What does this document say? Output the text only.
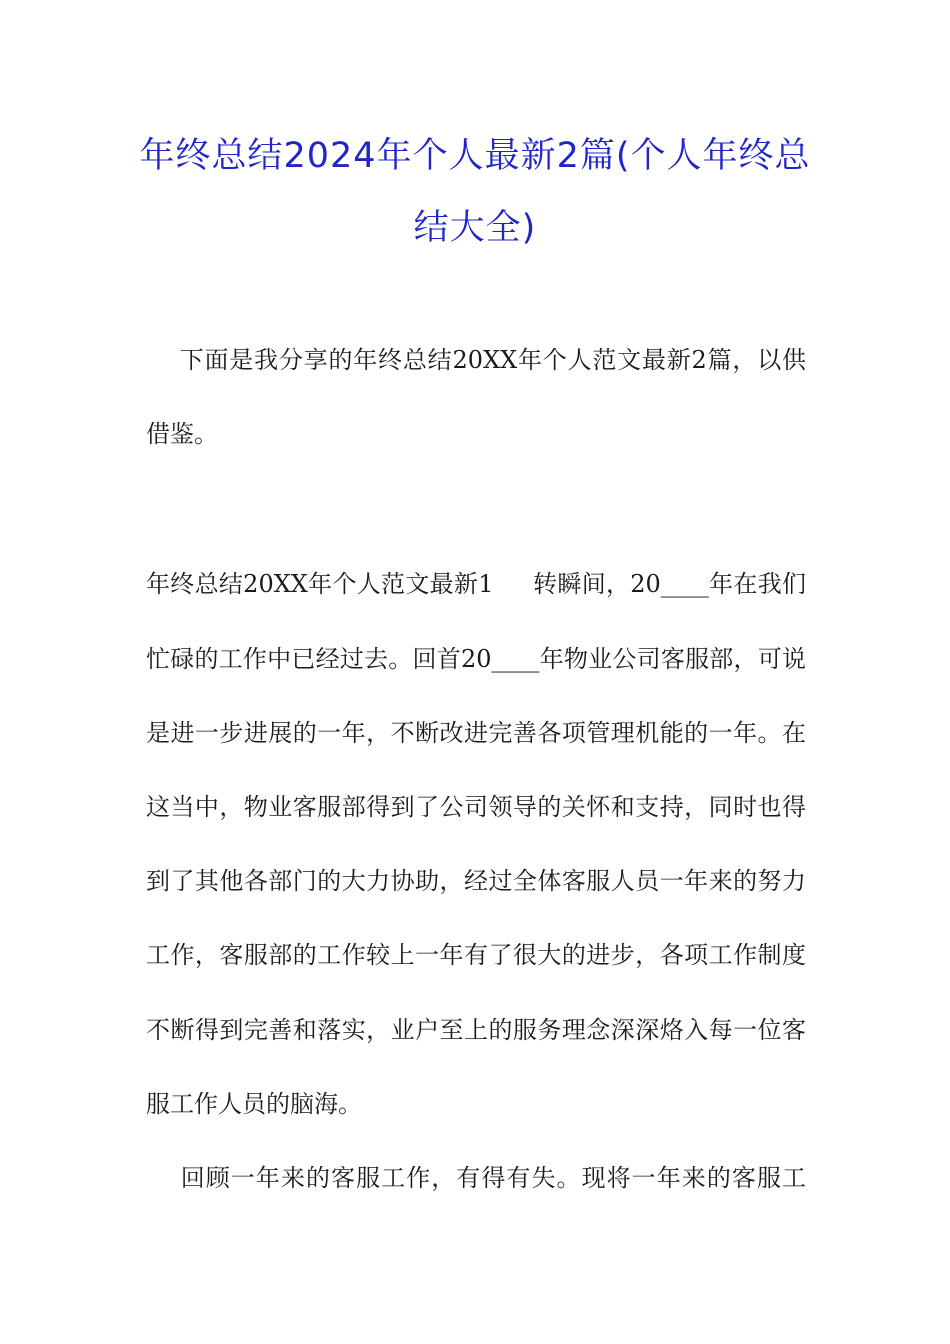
年终总结2024年个人最新2篇(个人年终总
结大全)
下面是我分享的年终总结20XX年个人范文最新2篇，以供
借鉴。
年终总结20XX年个人范文最新1     转瞬间，20____年在我们
忙碌的工作中已经过去。回首20____年物业公司客服部，可说
是进一步进展的一年，不断改进完善各项管理机能的一年。在
这当中，物业客服部得到了公司领导的关怀和支持，同时也得
到了其他各部门的大力协助，经过全体客服人员一年来的努力
工作，客服部的工作较上一年有了很大的进步，各项工作制度
不断得到完善和落实，业户至上的服务理念深深烙入每一位客
服工作人员的脑海。
回顾一年来的客服工作，有得有失。现将一年来的客服工
